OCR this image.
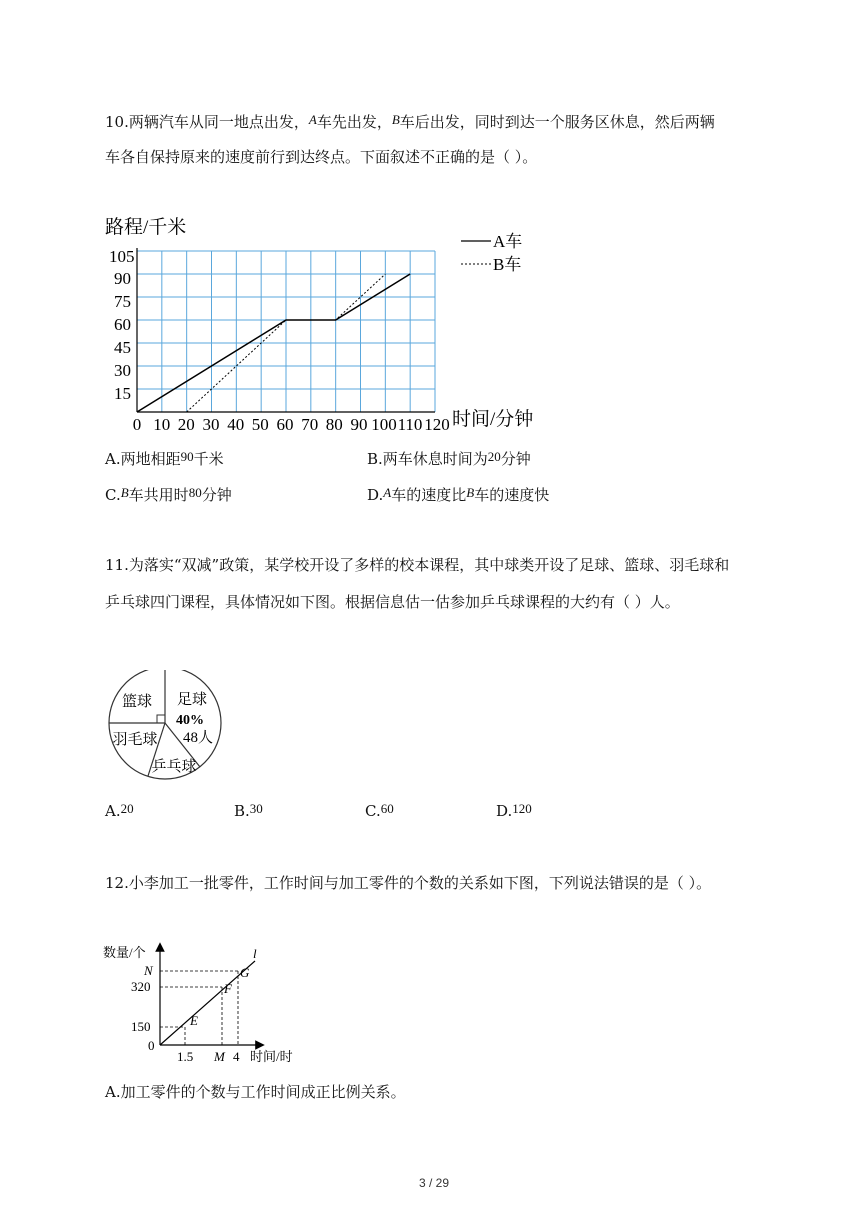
10.两辆汽车从同一地点出发，A车先出发，B车后出发，同时到达一个服务区休息，然后两辆
车各自保持原来的速度前行到达终点。下面叙述不正确的是（ ）。
路程/千米
时间/分钟
A车
B车
105
90
75
60
45
30
15
0 10 20 30 40 50 60 70 80 90 100 110 120
A.两地相距90千米	B.两车休息时间为20分钟
C.B车共用时80分钟	D.A车的速度比B车的速度快
11.为落实“双减”政策，某学校开设了多样的校本课程，其中球类开设了足球、篮球、羽毛球和
乒乓球四门课程，具体情况如下图。根据信息估一估参加乒乓球课程的大约有（ ）人。
篮球 足球
40%
48人
羽毛球
乒乓球
A.20	B.30	C.60	D.120
12.小李加工一批零件，工作时间与加工零件的个数的关系如下图，下列说法错误的是（ ）。
数量/个
时间/时
l
N
320
150
0
1.5 M 4
E
F
G
A.加工零件的个数与工作时间成正比例关系。
3 / 29
